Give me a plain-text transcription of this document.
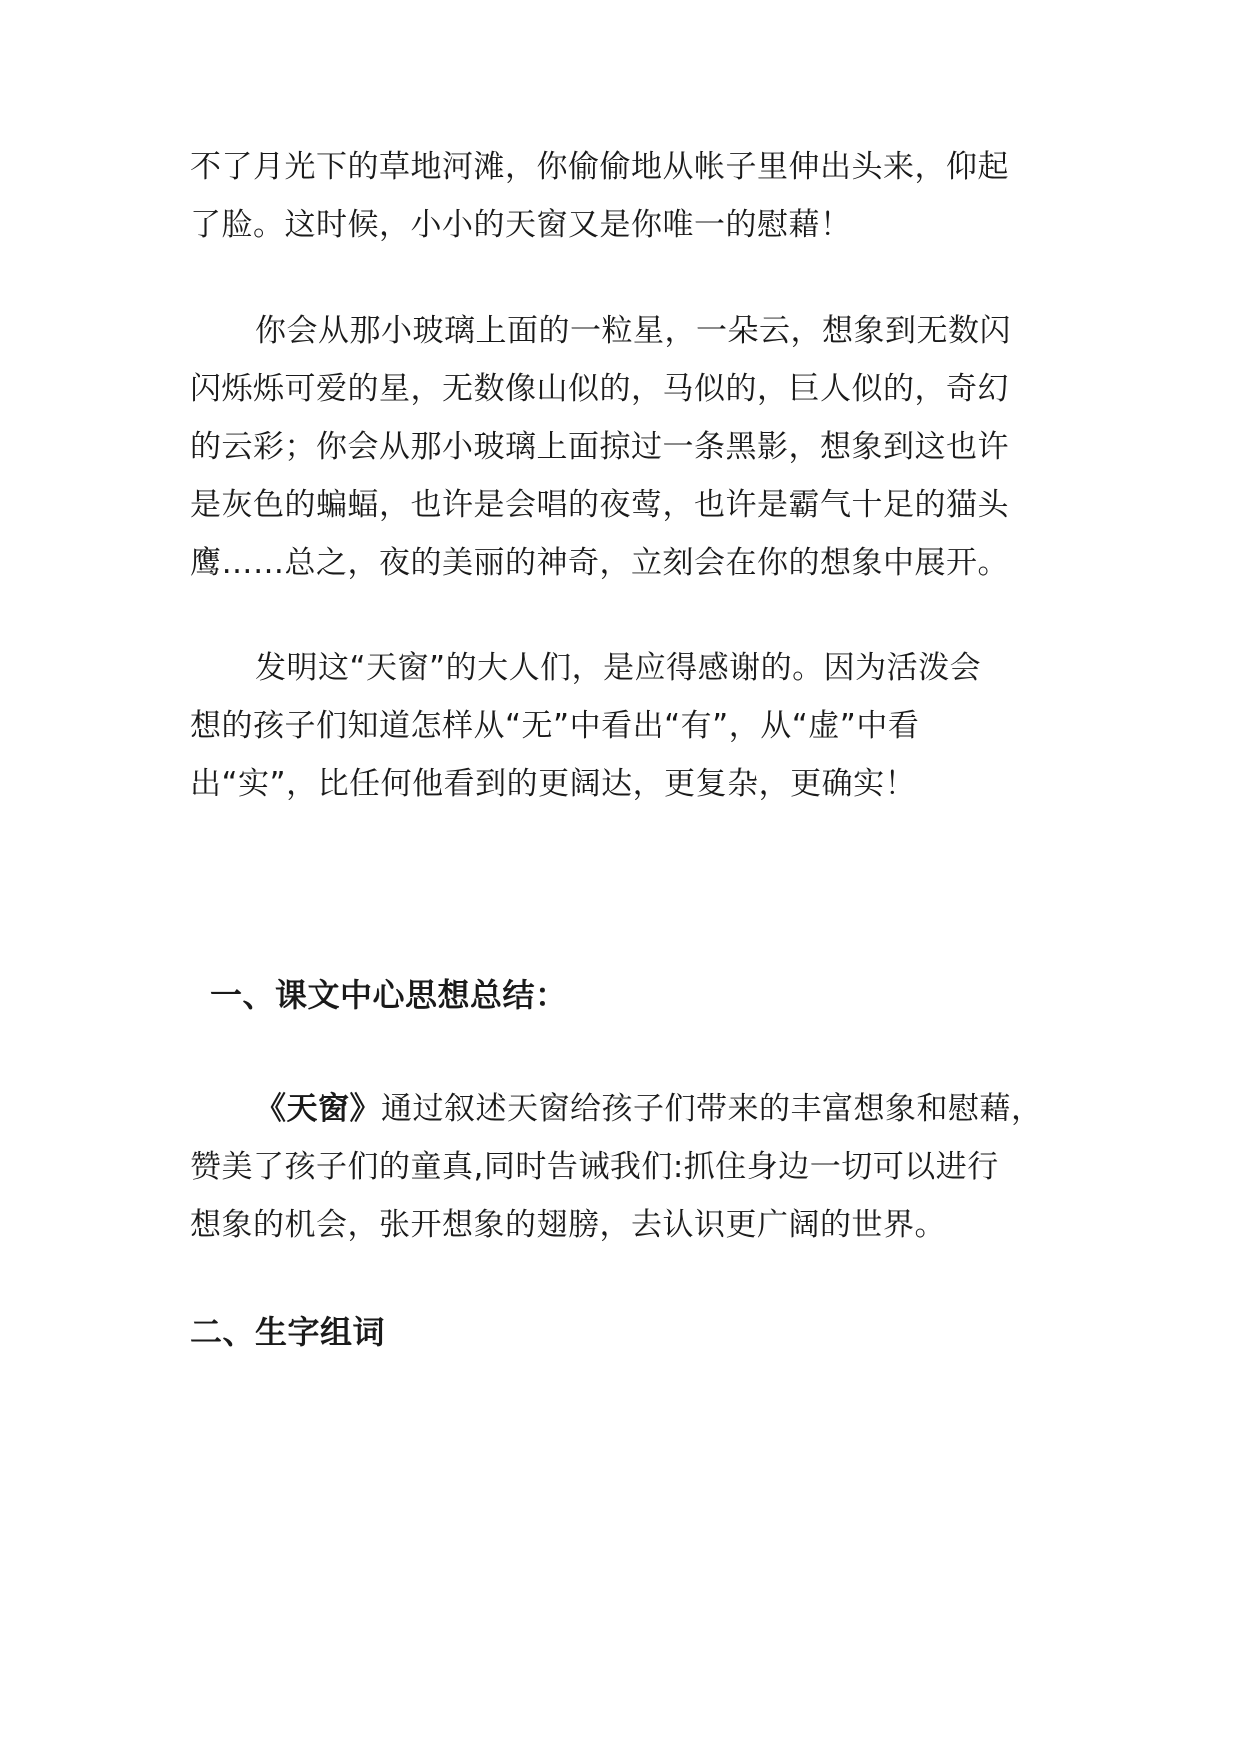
不了月光下的草地河滩，你偷偷地从帐子里伸出头来，仰起
了脸。这时候，小小的天窗又是你唯一的慰藉！
你会从那小玻璃上面的一粒星，一朵云，想象到无数闪
闪烁烁可爱的星，无数像山似的，马似的，巨人似的，奇幻
的云彩；你会从那小玻璃上面掠过一条黑影，想象到这也许
是灰色的蝙蝠，也许是会唱的夜莺，也许是霸气十足的猫头
鹰……总之，夜的美丽的神奇，立刻会在你的想象中展开。
发明这“天窗”的大人们，是应得感谢的。因为活泼会
想的孩子们知道怎样从“无”中看出“有”，从“虚”中看
出“实”，比任何他看到的更阔达，更复杂，更确实！
一、课文中心思想总结：
《天窗》通过叙述天窗给孩子们带来的丰富想象和慰藉，
赞美了孩子们的童真,同时告诫我们:抓住身边一切可以进行
想象的机会，张开想象的翅膀，去认识更广阔的世界。
二、生字组词
